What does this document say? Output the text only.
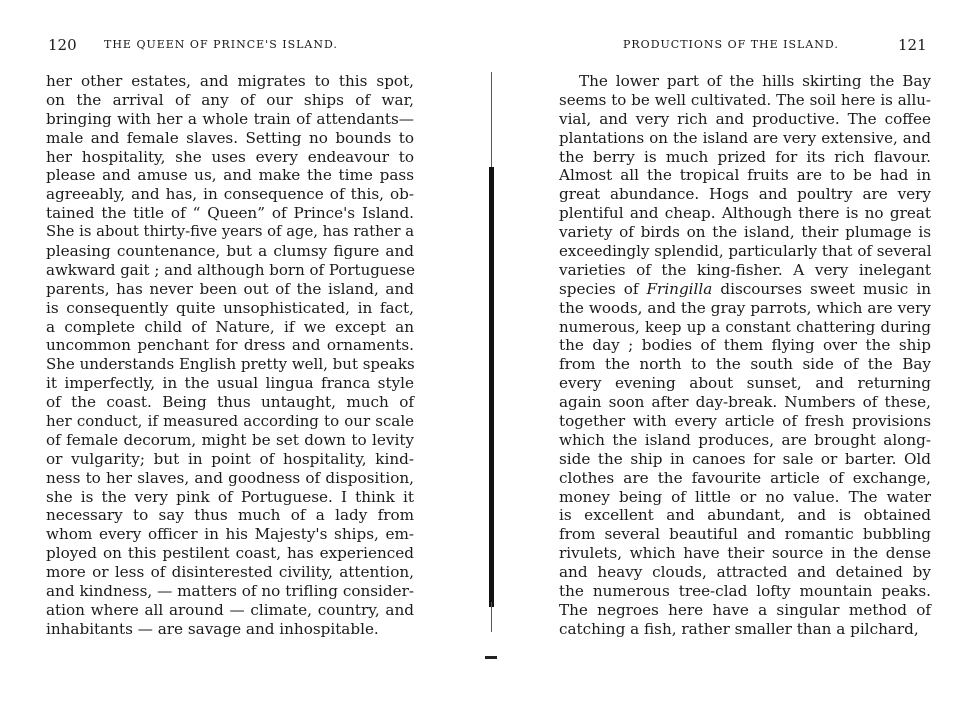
120 THE QUEEN OF PRINCE'S ISLAND.
her other estates, and migrates to this spot,
on the arrival of any of our ships of war,
bringing with her a whole train of attendants—
male and female slaves. Setting no bounds to
her hospitality, she uses every endeavour to
please and amuse us, and make the time pass
agreeably, and has, in consequence of this, ob-
tained the title of “ Queen” of Prince's Island.
She is about thirty-five years of age, has rather a
pleasing countenance, but a clumsy figure and
awkward gait ; and although born of Portuguese
parents, has never been out of the island, and
is consequently quite unsophisticated, in fact,
a complete child of Nature, if we except an
uncommon penchant for dress and ornaments.
She understands English pretty well, but speaks
it imperfectly, in the usual lingua franca style
of the coast. Being thus untaught, much of
her conduct, if measured according to our scale
of female decorum, might be set down to levity
or vulgarity; but in point of hospitality, kind-
ness to her slaves, and goodness of disposition,
she is the very pink of Portuguese. I think it
necessary to say thus much of a lady from
whom every officer in his Majesty's ships, em-
ployed on this pestilent coast, has experienced
more or less of disinterested civility, attention,
and kindness, — matters of no trifling consider-
ation where all around — climate, country, and
inhabitants — are savage and inhospitable.
PRODUCTIONS OF THE ISLAND.	121
The lower part of the hills skirting the Bay
seems to be well cultivated. The soil here is allu-
vial, and very rich and productive. The coffee
plantations on the island are very extensive, and
the berry is much prized for its rich flavour.
Almost all the tropical fruits are to be had in
great abundance. Hogs and poultry are very
plentiful and cheap. Although there is no great
variety of birds on the island, their plumage is
exceedingly splendid, particularly that of several
varieties of the king-fisher. A very inelegant
species of Fringilla discourses sweet music in
the woods, and the gray parrots, which are very
numerous, keep up a constant chattering during
the day ; bodies of them flying over the ship
from the north to the south side of the Bay
every evening about sunset, and returning
again soon after day-break. Numbers of these,
together with every article of fresh provisions
which the island produces, are brought along-
side the ship in canoes for sale or barter. Old
clothes are the favourite article of exchange,
money being of little or no value. The water
is excellent and abundant, and is obtained
from several beautiful and romantic bubbling
rivulets, which have their source in the dense
and heavy clouds, attracted and detained by
the numerous tree-clad lofty mountain peaks.
The negroes here have a singular method of
catching a fish, rather smaller than a pilchard,
